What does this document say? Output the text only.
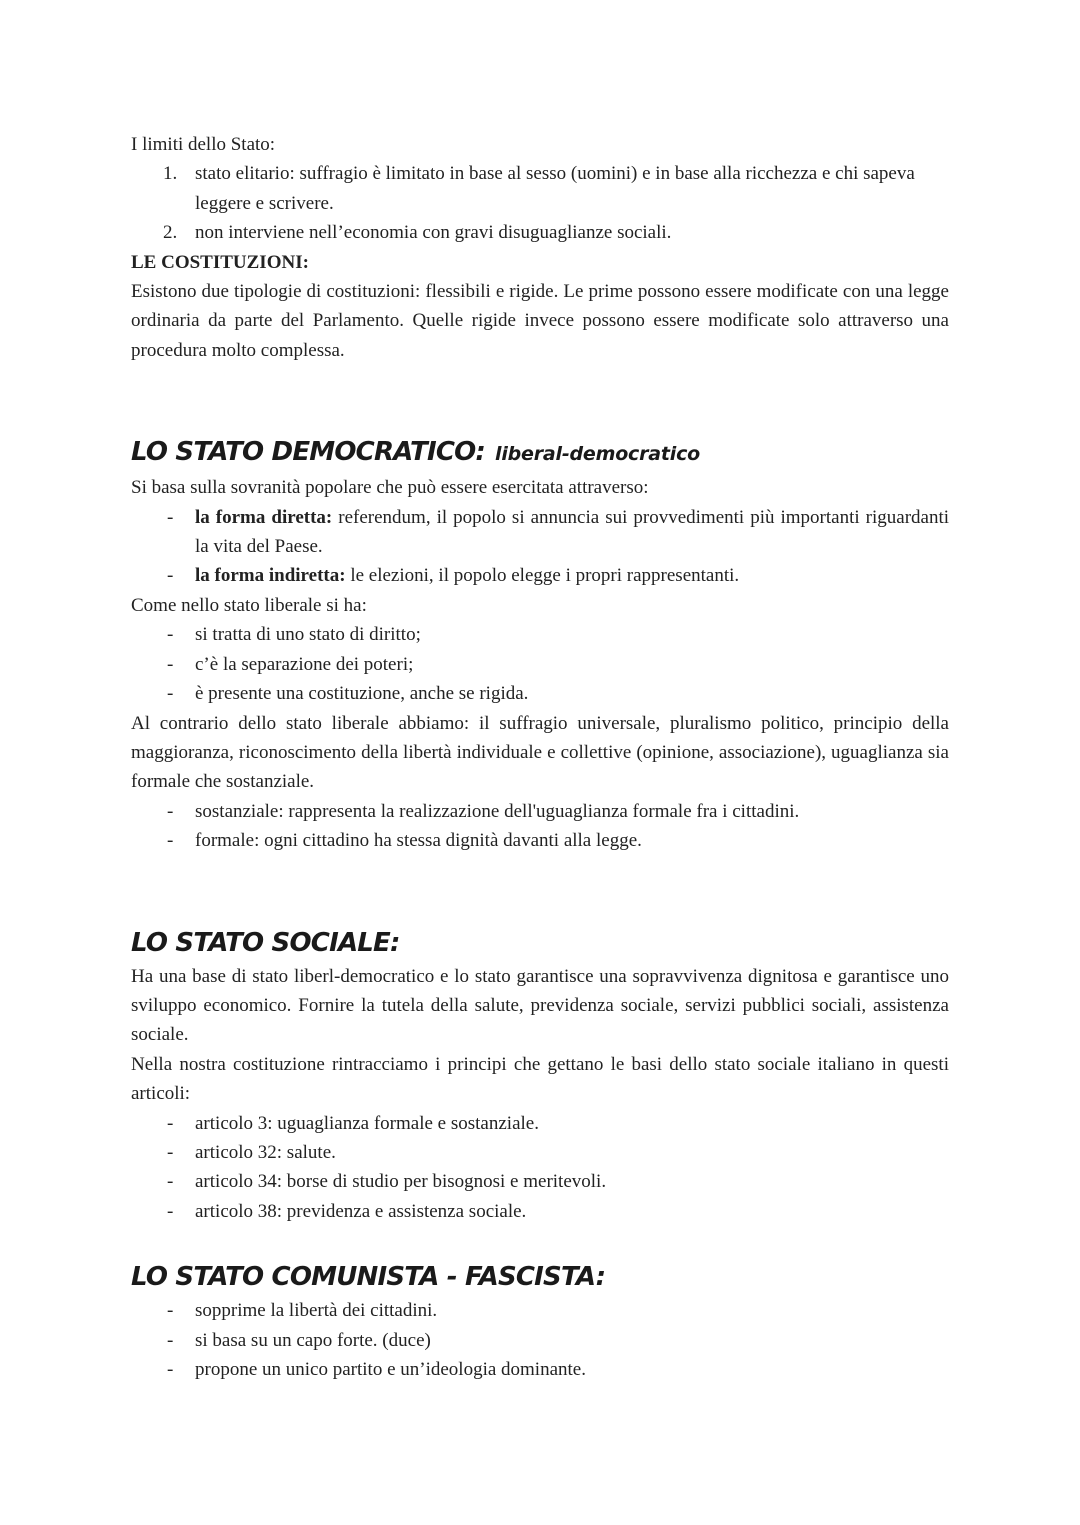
I limiti dello Stato:

1. stato elitario: suffragio è limitato in base al sesso (uomini) e in base alla ricchezza e chi sapeva leggere e scrivere.
2. non interviene nell’economia con gravi disuguaglianze sociali.

LE COSTITUZIONI:

Esistono due tipologie di costituzioni: flessibili e rigide. Le prime possono essere modificate con una legge ordinaria da parte del Parlamento. Quelle rigide invece possono essere modificate solo attraverso una procedura molto complessa.

LO STATO DEMOCRATICO: liberal-democratico

Si basa sulla sovranità popolare che può essere esercitata attraverso:

- la forma diretta: referendum, il popolo si annuncia sui provvedimenti più importanti riguardanti la vita del Paese.
- la forma indiretta: le elezioni, il popolo elegge i propri rappresentanti.

Come nello stato liberale si ha:

- si tratta di uno stato di diritto;
- c’è la separazione dei poteri;
- è presente una costituzione, anche se rigida.

Al contrario dello stato liberale abbiamo: il suffragio universale, pluralismo politico, principio della maggioranza, riconoscimento della libertà individuale e collettive (opinione, associazione), uguaglianza sia formale che sostanziale.

- sostanziale: rappresenta la realizzazione dell'uguaglianza formale fra i cittadini.
- formale: ogni cittadino ha stessa dignità davanti alla legge.
LO STATO SOCIALE:

Ha una base di stato liberl-democratico e lo stato garantisce una sopravvivenza dignitosa e garantisce uno sviluppo economico. Fornire la tutela della salute, previdenza sociale, servizi pubblici sociali, assistenza sociale.

Nella nostra costituzione rintracciamo i principi che gettano le basi dello stato sociale italiano in questi articoli:

- articolo 3: uguaglianza formale e sostanziale.
- articolo 32: salute.
- articolo 34: borse di studio per bisognosi e meritevoli.
- articolo 38: previdenza e assistenza sociale.
LO STATO COMUNISTA - FASCISTA:
- sopprime la libertà dei cittadini.
- si basa su un capo forte. (duce)
- propone un unico partito e un’ideologia dominante.
